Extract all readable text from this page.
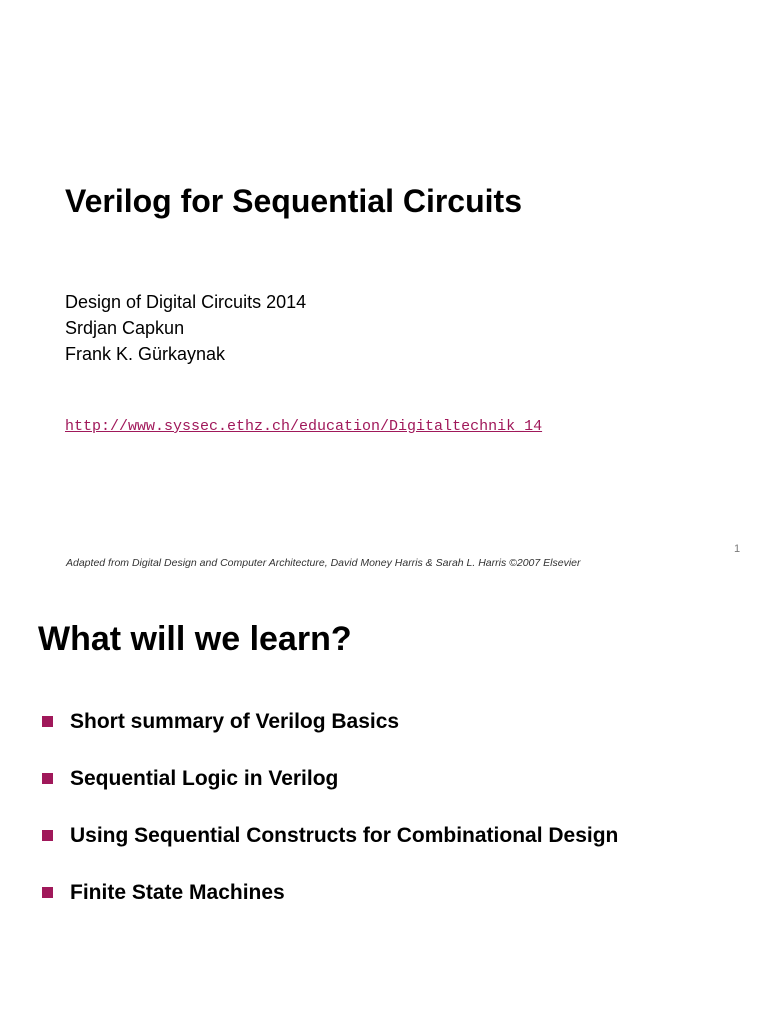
Verilog for Sequential Circuits
Design of Digital Circuits 2014
Srdjan Capkun
Frank K. Gürkaynak
http://www.syssec.ethz.ch/education/Digitaltechnik_14
1
Adapted from Digital Design and Computer Architecture, David Money Harris & Sarah L. Harris ©2007 Elsevier
What will we learn?
Short summary of Verilog Basics
Sequential Logic in Verilog
Using Sequential Constructs for Combinational Design
Finite State Machines
